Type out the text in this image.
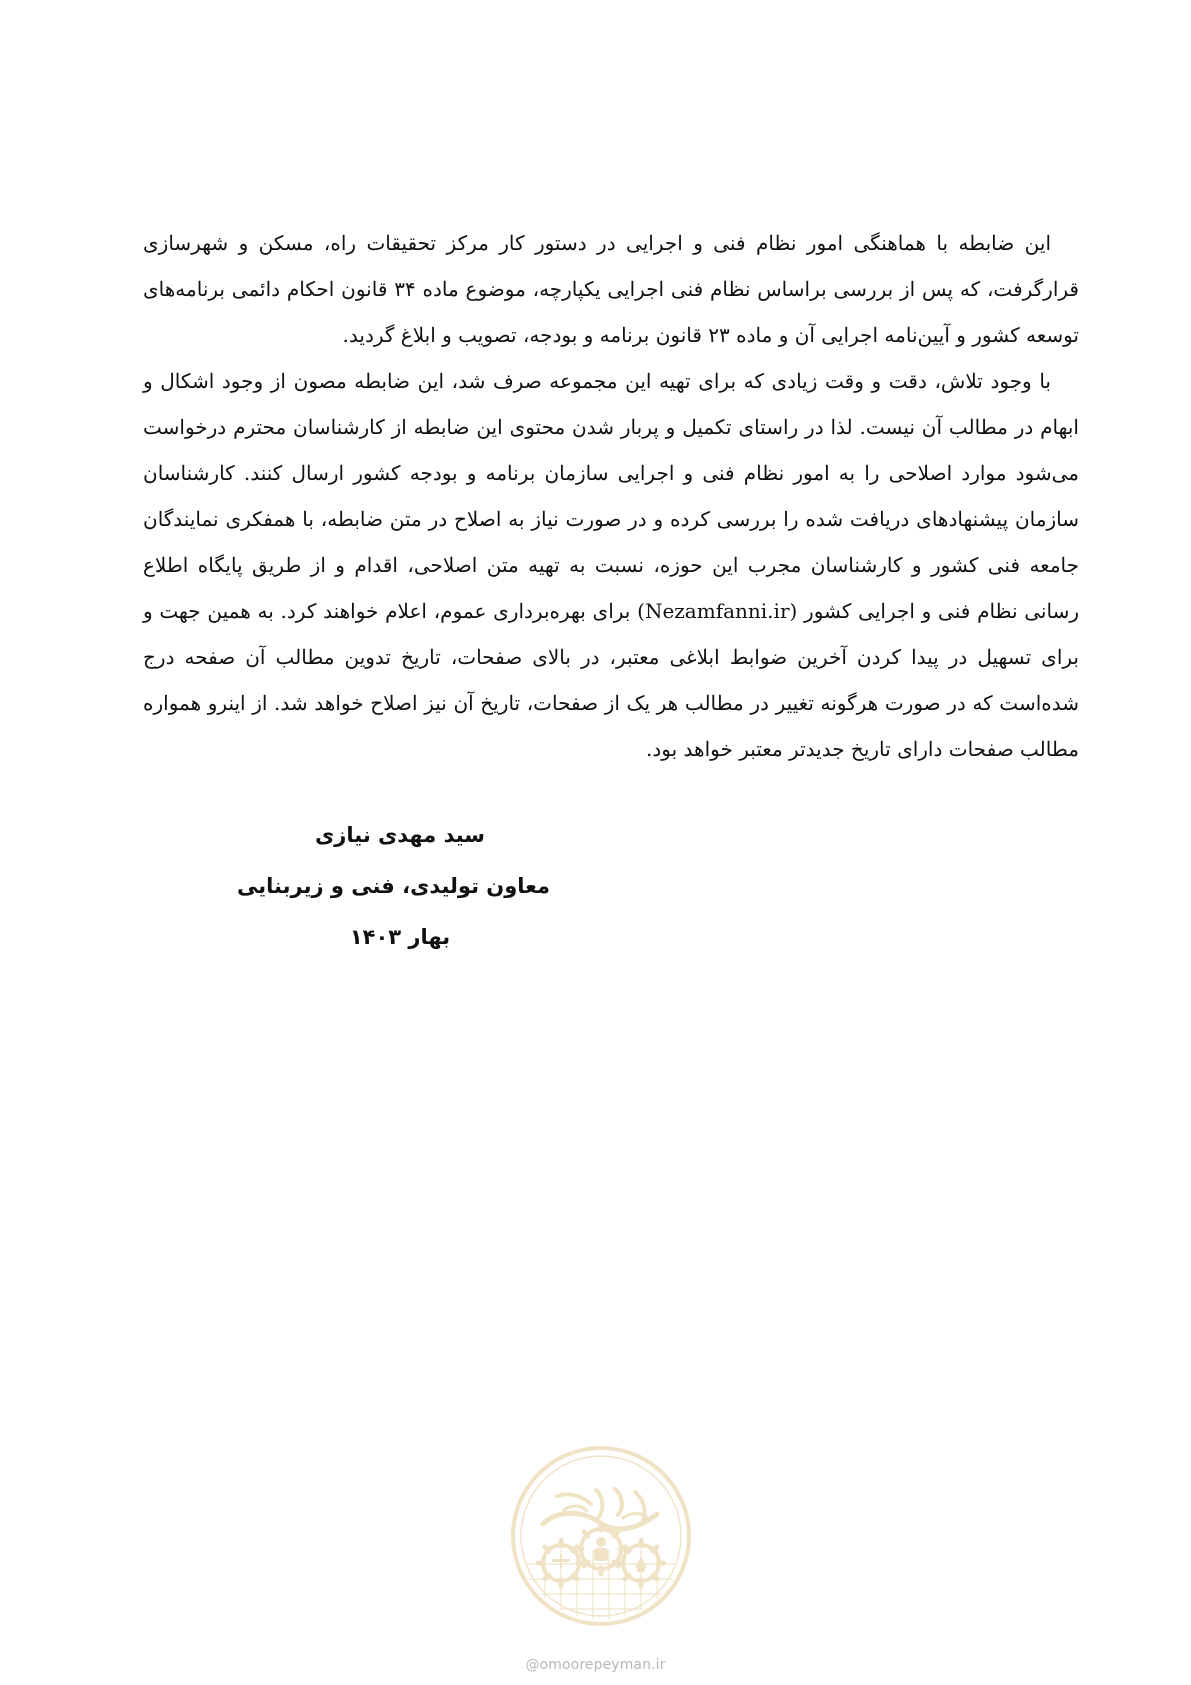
این ضابطه با هماهنگی امور نظام فنی و اجرایی در دستور کار مرکز تحقیقات راه، مسکن و شهرسازی قرارگرفت، که پس از بررسی براساس نظام فنی اجرایی یکپارچه، موضوع ماده ۳۴ قانون احکام دائمی برنامه‌های توسعه کشور و آیین‌نامه اجرایی آن و ماده ۲۳ قانون برنامه و بودجه، تصویب و ابلاغ گردید.

با وجود تلاش، دقت و وقت زیادی که برای تهیه این مجموعه صرف شد، این ضابطه مصون از وجود اشکال و ابهام در مطالب آن نیست. لذا در راستای تکمیل و پربار شدن محتوی این ضابطه از کارشناسان محترم درخواست می‌شود موارد اصلاحی را به امور نظام فنی و اجرایی سازمان برنامه و بودجه کشور ارسال کنند. کارشناسان سازمان پیشنهادهای دریافت شده را بررسی کرده و در صورت نیاز به اصلاح در متن ضابطه، با همفکری نمایندگان جامعه فنی کشور و کارشناسان مجرب این حوزه، نسبت به تهیه متن اصلاحی، اقدام و از طریق پایگاه اطلاع رسانی نظام فنی و اجرایی کشور (Nezamfanni.ir) برای بهره‌برداری عموم، اعلام خواهند کرد. به همین جهت و برای تسهیل در پیدا کردن آخرین ضوابط ابلاغی معتبر، در بالای صفحات، تاریخ تدوین مطالب آن صفحه درج شده‌است که در صورت هرگونه تغییر در مطالب هر یک از صفحات، تاریخ آن نیز اصلاح خواهد شد. از اینرو همواره مطالب صفحات دارای تاریخ جدیدتر معتبر خواهد بود.

سید مهدی نیازی
معاون تولیدی، فنی و زیربنایی
بهار ۱۴۰۳
@omoorepeyman.ir
